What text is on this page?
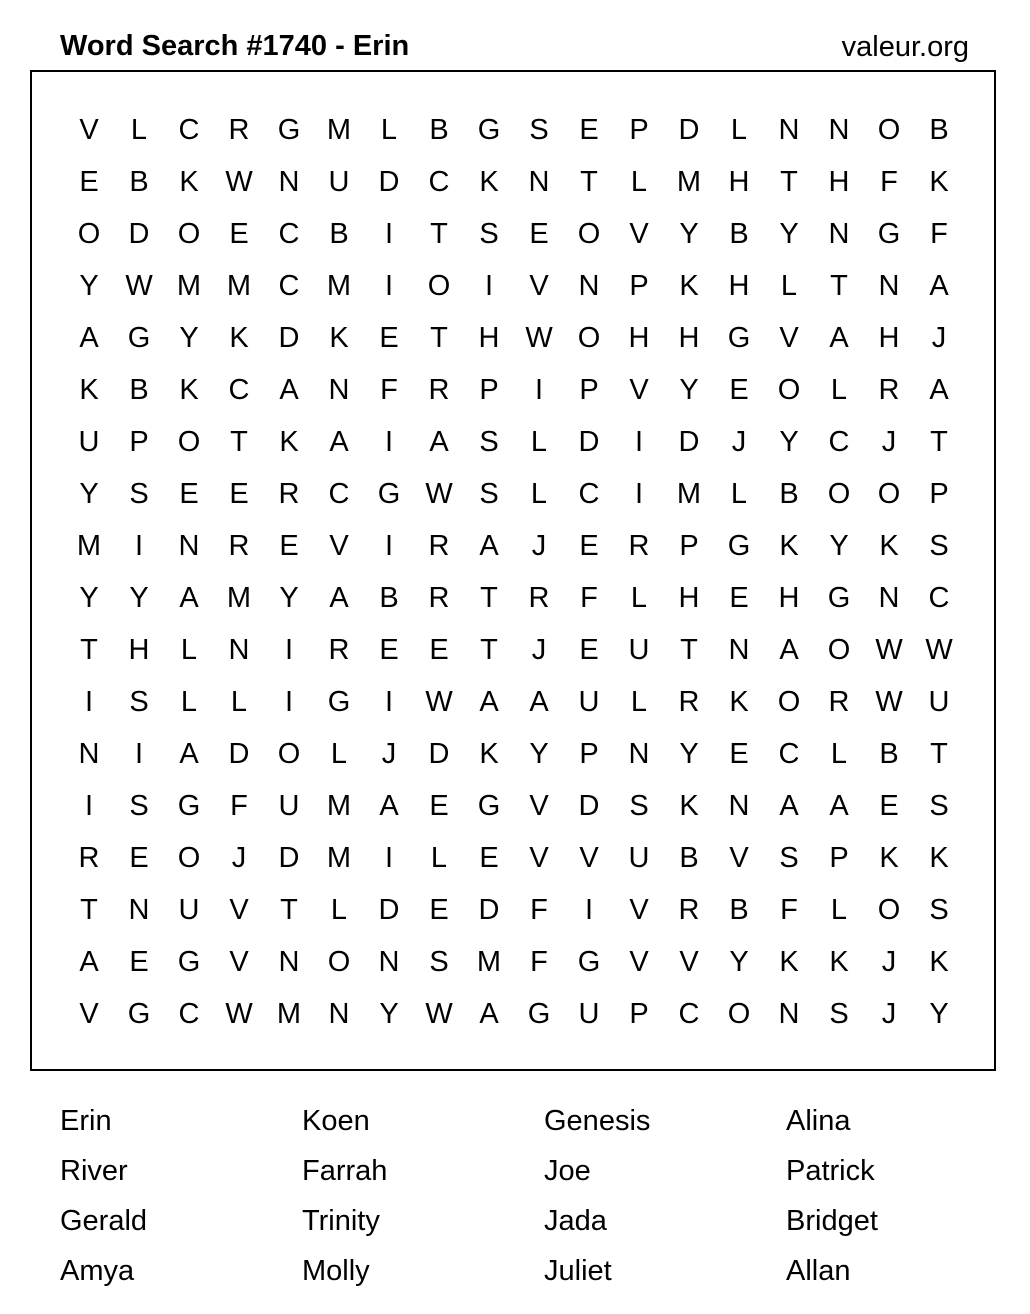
Word Search #1740 - Erin	valeur.org
V	L	C	R G M	L	B	G	S	E	P	D	L	N	N O	B
E	B	K W N	U	D	C	K	N	T	L	M H	T	H	F	K
O D O	E	C	B	I	T	S	E	O	V	Y	B	Y	N G	F
Y W M M C M	I	O	I	V	N	P	K	H	L	T	N	A
A	G	Y	K	D	K	E	T	H W O H	H G	V	A	H	J
K	B	K	C	A	N	F	R	P	I	P	V	Y	E	O	L	R	A
U	P	O	T	K	A	I	A	S	L	D	I	D	J	Y	C	J	T
Y	S	E	E	R	C G W S	L	C	I	M	L	B	O O	P
M	I	N	R	E	V	I	R	A	J	E	R	P	G	K	Y	K	S
Y	Y	A M Y	A	B	R	T	R	F	L	H	E	H G N	C
T	H	L	N	I	R	E	E	T	J	E	U	T	N	A	O W W
I	S	L	L	I	G	I	W A	A	U	L	R	K	O R W U
N	I	A	D O	L	J	D	K	Y	P	N	Y	E	C	L	B	T
I	S	G	F	U M A	E	G	V	D	S	K	N	A	A	E	S
R	E	O	J	D M	I	L	E	V	V	U	B	V	S	P	K	K
T	N	U	V	T	L	D	E	D	F	I	V	R	B	F	L	O	S
A	E	G	V	N O N	S M	F	G	V	V	Y	K	K	J	K
V	G C W M N	Y W A	G U	P	C O N	S	J	Y
Erin	Koen	Genesis	Alina
River	Farrah	Joe	Patrick
Gerald	Trinity	Jada	Bridget
Amya	Molly	Juliet	Allan
